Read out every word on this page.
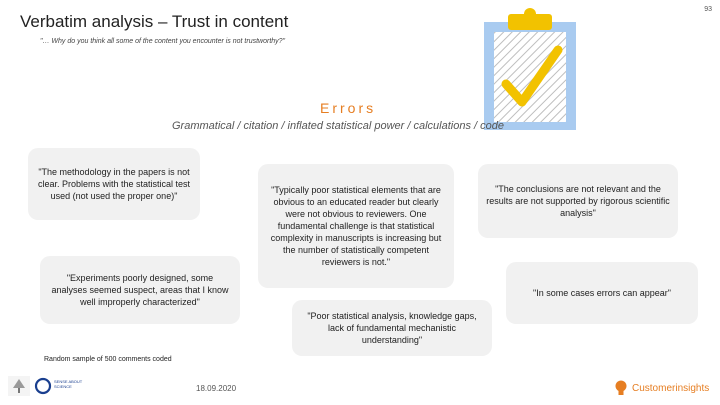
93
Verbatim analysis – Trust in content
"… Why do you think all some of the content you encounter is not trustworthy?"
Errors
Grammatical / citation / inflated statistical power / calculations / code
"The methodology in the papers is not clear. Problems with the statistical test used (not used the proper one)"
"Experiments poorly designed, some analyses seemed suspect, areas that I know well improperly characterized"
"Typically poor statistical elements that are obvious to an educated reader but clearly were not obvious to reviewers. One fundamental challenge is that statistical complexity in manuscripts is increasing but the number of statistically competent reviewers is not."
"Poor statistical analysis, knowledge gaps, lack of fundamental mechanistic understanding"
"The conclusions are not relevant and the results are not supported by rigorous scientific analysis"
"In some cases errors can appear"
Random sample of 500 comments coded
SENSE ABOUT SCIENCE	18.09.2020	Customerinsights
